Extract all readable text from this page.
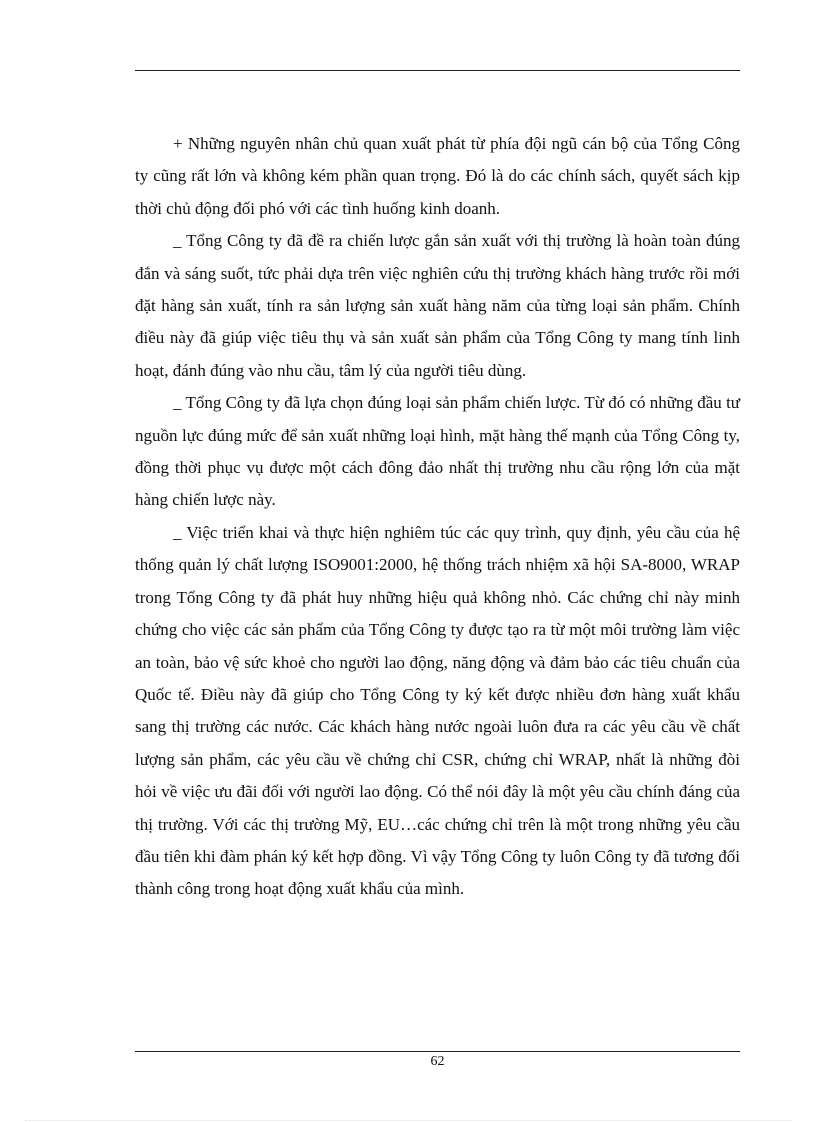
+ Những nguyên nhân chủ quan xuất phát từ phía đội ngũ cán bộ của Tổng Công ty cũng rất lớn và không kém phần quan trọng. Đó là do các chính sách, quyết sách kịp thời chủ động đối phó với các tình huống kinh doanh.

_ Tổng Công ty đã đề ra chiến lược gắn sản xuất với thị trường là hoàn toàn đúng đắn và sáng suốt, tức phải dựa trên việc nghiên cứu thị trường khách hàng trước rồi mới đặt hàng sản xuất, tính ra sản lượng sản xuất hàng năm của từng loại sản phẩm. Chính điều này đã giúp việc tiêu thụ và sản xuất sản phẩm của Tổng Công ty mang tính linh hoạt, đánh đúng vào nhu cầu, tâm lý của người tiêu dùng.

_ Tổng Công ty đã lựa chọn đúng loại sản phẩm chiến lược. Từ đó có những đầu tư nguồn lực đúng mức để sản xuất những loại hình, mặt hàng thế mạnh của Tổng Công ty, đồng thời phục vụ được một cách đông đảo nhất thị trường nhu cầu rộng lớn của mặt hàng chiến lược này.

_ Việc triển khai và thực hiện nghiêm túc các quy trình, quy định, yêu cầu của hệ thống quản lý chất lượng ISO9001:2000, hệ thống trách nhiệm xã hội SA-8000, WRAP trong Tổng Công ty đã phát huy những hiệu quả không nhỏ. Các chứng chỉ này minh chứng cho việc các sản phẩm của Tổng Công ty được tạo ra từ một môi trường làm việc an toàn, bảo vệ sức khoẻ cho người lao động, năng động và đảm bảo các tiêu chuẩn của Quốc tế. Điều này đã giúp cho Tổng Công ty ký kết được nhiều đơn hàng xuất khẩu sang thị trường các nước. Các khách hàng nước ngoài luôn đưa ra các yêu cầu về chất lượng sản phẩm, các yêu cầu về chứng chỉ CSR, chứng chỉ WRAP, nhất là những đòi hỏi về việc ưu đãi đối với người lao động. Có thể nói đây là một yêu cầu chính đáng của thị trường. Với các thị trường Mỹ, EU…các chứng chỉ trên là một trong những yêu cầu đầu tiên khi đàm phán ký kết hợp đồng. Vì vậy Tổng Công ty luôn Công ty đã tương đối thành công trong hoạt động xuất khẩu của mình.

62
